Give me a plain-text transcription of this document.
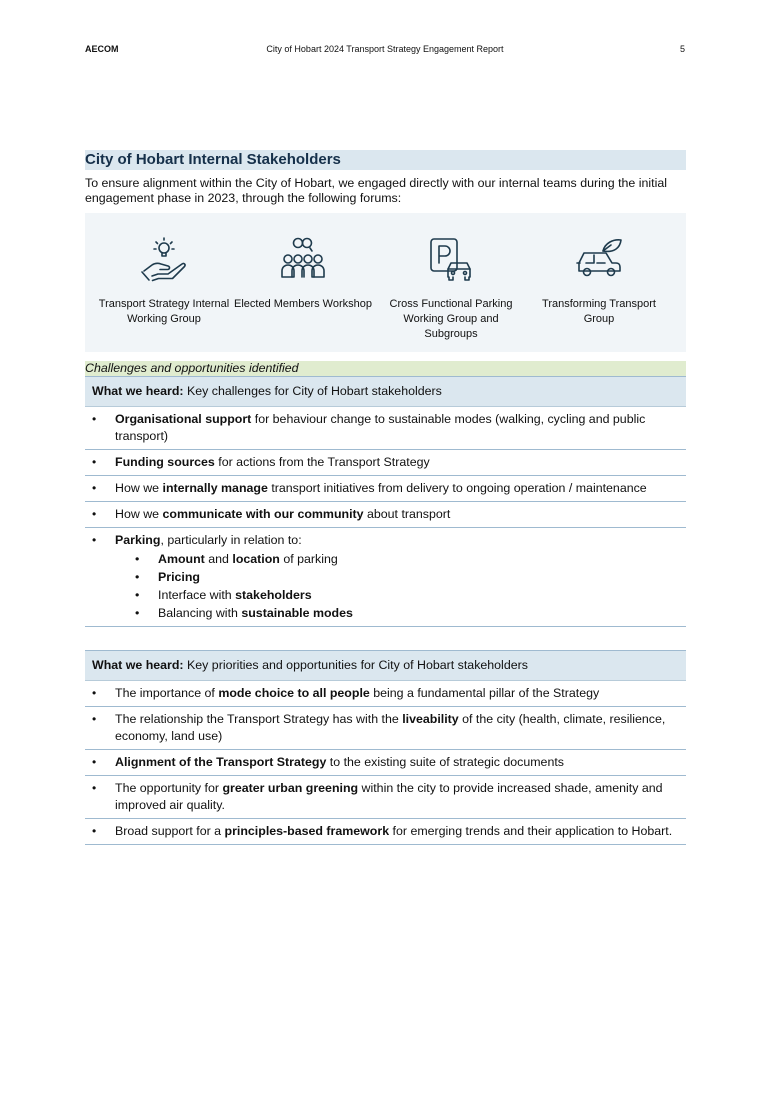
AECOM	City of Hobart 2024 Transport Strategy Engagement Report	5
City of Hobart Internal Stakeholders

To ensure alignment within the City of Hobart, we engaged directly with our internal teams during the initial engagement phase in 2023, through the following forums:

Transport Strategy Internal Working Group
Elected Members Workshop	Cross Functional Parking Working Group and Subgroups
Transforming Transport Group
Challenges and opportunities identified
What we heard: Key challenges for City of Hobart stakeholders
• Organisational support for behaviour change to sustainable modes (walking, cycling and public transport)
• Funding sources for actions from the Transport Strategy
• How we internally manage transport initiatives from delivery to ongoing operation / maintenance
• How we communicate with our community about transport
• Parking, particularly in relation to:
• Amount and location of parking
• Pricing
• Interface with stakeholders
• Balancing with sustainable modes
What we heard: Key priorities and opportunities for City of Hobart stakeholders
• The importance of mode choice to all people being a fundamental pillar of the Strategy
• The relationship the Transport Strategy has with the liveability of the city (health, climate, resilience, economy, land use)
• Alignment of the Transport Strategy to the existing suite of strategic documents
• The opportunity for greater urban greening within the city to provide increased shade, amenity and improved air quality.
• Broad support for a principles-based framework for emerging trends and their application to Hobart.
